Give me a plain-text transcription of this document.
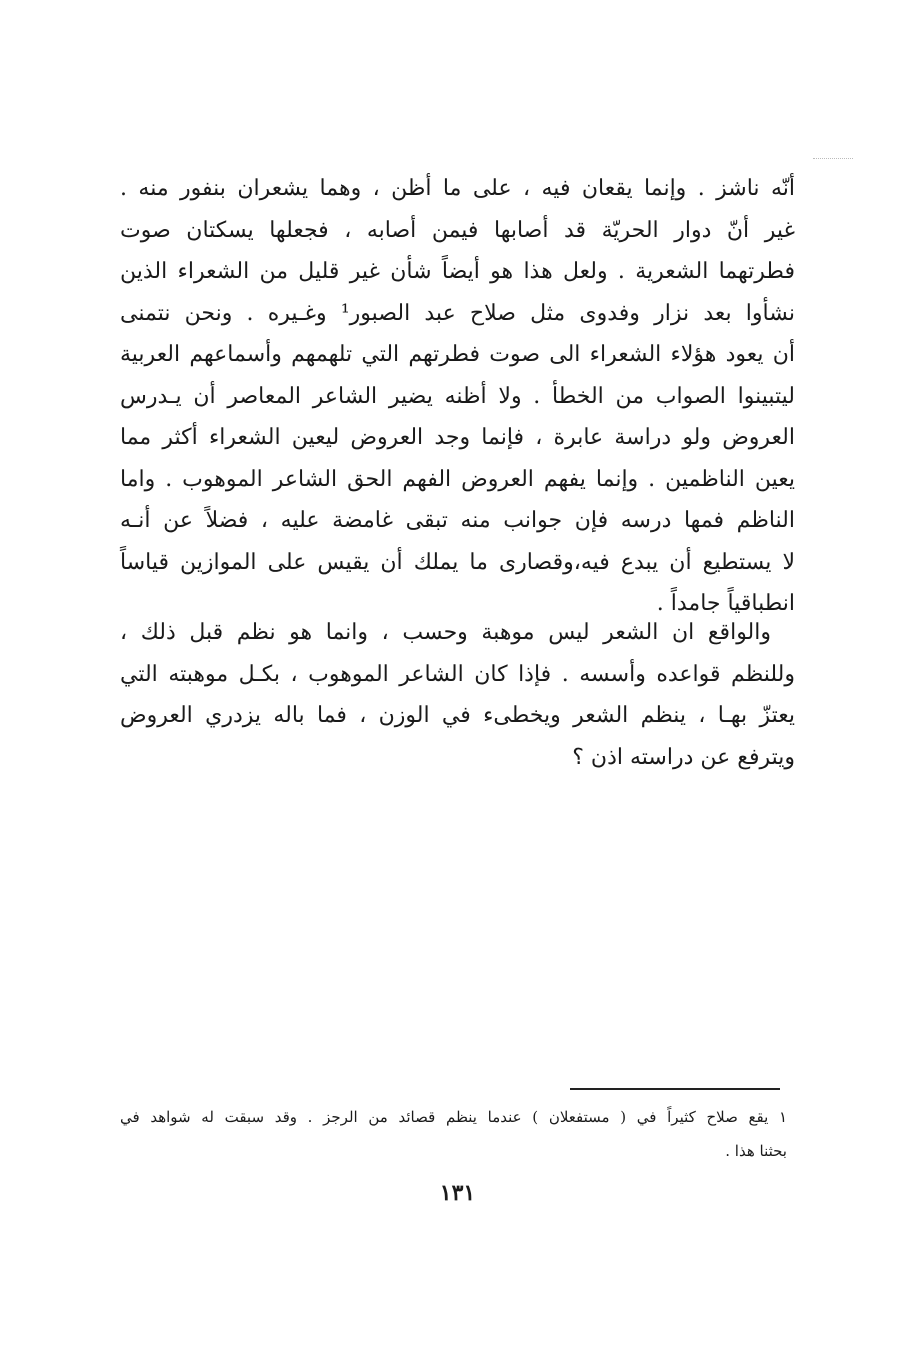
أنّه ناشز . وإنما يقعان فيه ، على ما أظن ، وهما يشعران بنفور منه .
غير أنّ دوار الحريّة قد أصابها فيمن أصابه ، فجعلها يسكتان صوت
فطرتهما الشعرية . ولعل هذا هو أيضاً شأن غير قليل من الشعراء الذين
نشأوا بعد نزار وفدوى مثل صلاح عبد الصبور¹ وغـيره . ونحن نتمنى
أن يعود هؤلاء الشعراء الى صوت فطرتهم التي تلهمهم وأسماعهم العربية
ليتبينوا الصواب من الخطأ . ولا أظنه يضير الشاعر المعاصر أن يـدرس
العروض ولو دراسة عابرة ، فإنما وجد العروض ليعين الشعراء أكثر مما
يعين الناظمين . وإنما يفهم العروض الفهم الحق الشاعر الموهوب . واما
الناظم فمها درسه فإن جوانب منه تبقى غامضة عليه ، فضلاً عن أنـه
لا يستطيع أن يبدع فيه،وقصارى ما يملك أن يقيس على الموازين قياساً
انطباقياً جامداً .
والواقع ان الشعر ليس موهبة وحسب ، وانما هو نظم قبل ذلك ،
وللنظم قواعده وأسسه . فإذا كان الشاعر الموهوب ، بكـل موهبته التي
يعتزّ بهـا ، ينظم الشعر ويخطىء في الوزن ، فما باله يزدري العروض
ويترفع عن دراسته اذن ؟
١ يقع صلاح كثيراً في ( مستفعلان ) عندما ينظم قصائد من الرجز . وقد سبقت له شواهد في
بحثنا هذا .
١٣١
